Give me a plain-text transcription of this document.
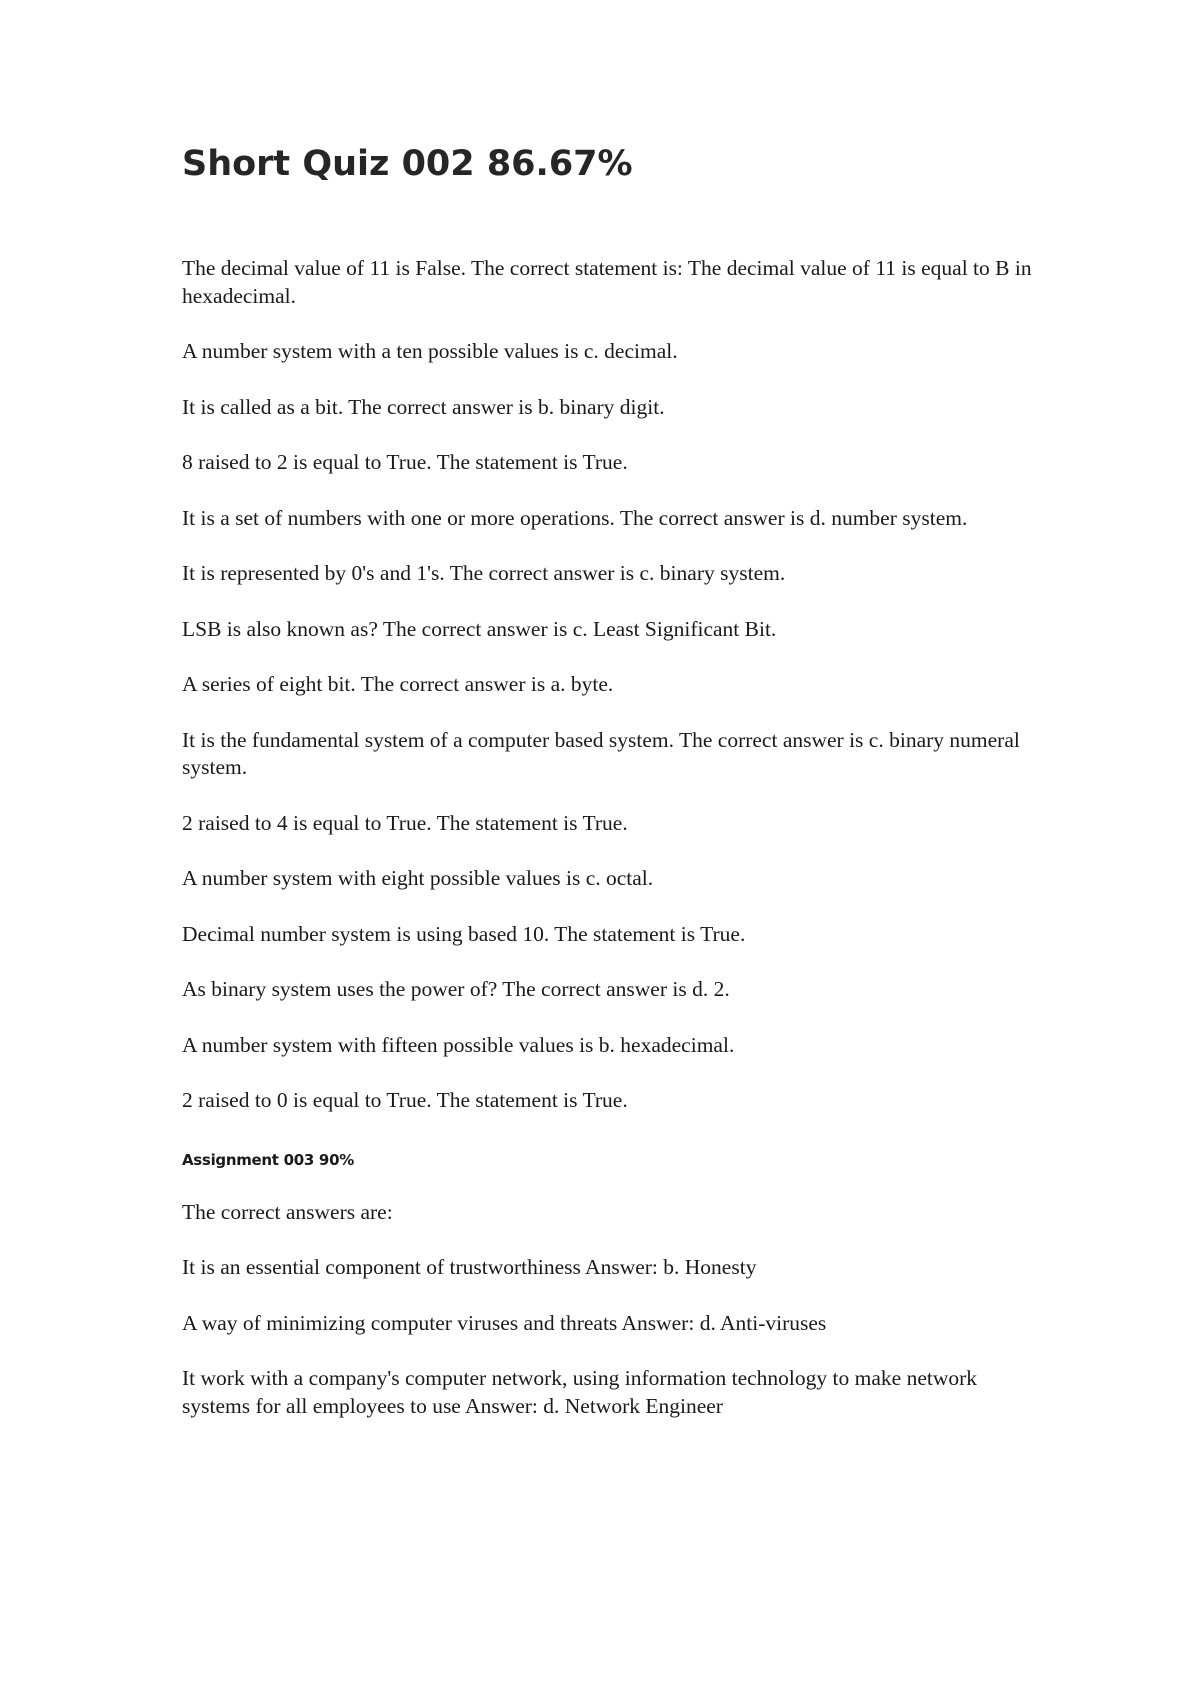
Short Quiz 002 86.67%

The decimal value of 11 is False. The correct statement is: The decimal value of 11 is equal to B in hexadecimal.

A number system with a ten possible values is c. decimal.

It is called as a bit. The correct answer is b. binary digit.

8 raised to 2 is equal to True. The statement is True.

It is a set of numbers with one or more operations. The correct answer is d. number system.

It is represented by 0's and 1's. The correct answer is c. binary system.

LSB is also known as? The correct answer is c. Least Significant Bit.

A series of eight bit. The correct answer is a. byte.

It is the fundamental system of a computer based system. The correct answer is c. binary numeral system.

2 raised to 4 is equal to True. The statement is True.

A number system with eight possible values is c. octal.

Decimal number system is using based 10. The statement is True.

As binary system uses the power of? The correct answer is d. 2.

A number system with fifteen possible values is b. hexadecimal.

2 raised to 0 is equal to True. The statement is True.

Assignment 003 90%

The correct answers are:

It is an essential component of trustworthiness Answer: b. Honesty

A way of minimizing computer viruses and threats Answer: d. Anti-viruses

It work with a company's computer network, using information technology to make network systems for all employees to use Answer: d. Network Engineer
